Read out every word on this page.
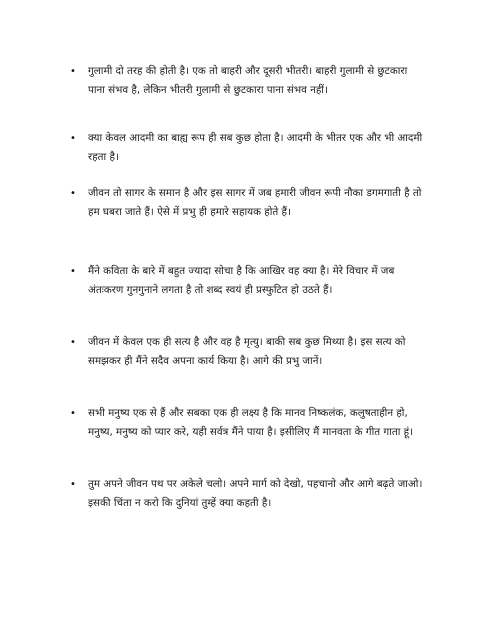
•	गुलामी दो तरह की होती है। एक तो बाहरी और दूसरी भीतरी। बाहरी गुलामी से छुटकारा पाना संभव है, लेकिन भीतरी गुलामी से छुटकारा पाना संभव नहीं।
•	क्या केवल आदमी का बाह्य रूप ही सब कुछ होता है। आदमी के भीतर एक और भी आदमी रहता है।
•	जीवन तो सागर के समान है और इस सागर में जब हमारी जीवन रूपी नौका डगमगाती है तो हम घबरा जाते हैं। ऐसे में प्रभु ही हमारे सहायक होते हैं।
•	मैंने कविता के बारे में बहुत ज्यादा सोचा है कि आखिर वह क्या है। मेरे विचार में जब अंतःकरण गुनगुनाने लगता है तो शब्द स्वयं ही प्रस्फुटित हो उठते हैं।
•	जीवन में केवल एक ही सत्य है और वह है मृत्यु। बाकी सब कुछ मिथ्या है। इस सत्य को समझकर ही मैंने सदैव अपना कार्य किया है। आगे की प्रभु जानें।
•	सभी मनुष्य एक से हैं और सबका एक ही लक्ष्य है कि मानव निष्कलंक, कलुषताहीन हो, मनुष्य, मनुष्य को प्यार करे, यही सर्वत्र मैंने पाया है। इसीलिए मैं मानवता के गीत गाता हूं।
•	तुम अपने जीवन पथ पर अकेले चलो। अपने मार्ग को देखो, पहचानो और आगे बढ़ते जाओ। इसकी चिंता न करो कि दुनियां तुम्हें क्या कहती है।
